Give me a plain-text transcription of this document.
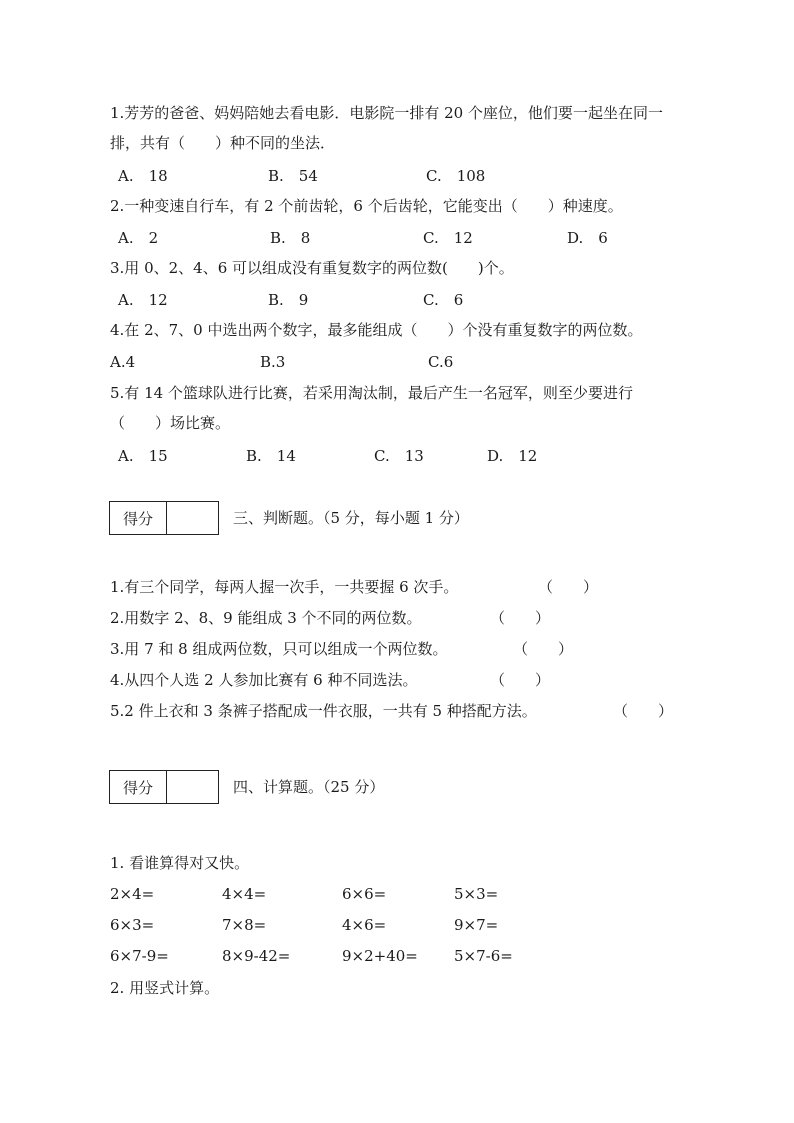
1.芳芳的爸爸、妈妈陪她去看电影．电影院一排有 20 个座位，他们要一起坐在同一
排，共有（　　）种不同的坐法．
A.　18	B.　54	C.　108
2.一种变速自行车，有 2 个前齿轮，6 个后齿轮，它能变出（　　）种速度。
A.　2	B.　8	C.　12	D.　6
3.用 0、2、4、6 可以组成没有重复数字的两位数(　　)个。
A.　12	B.　9	C.　6
4.在 2、7、0 中选出两个数字，最多能组成（　　）个没有重复数字的两位数。
A.4	B.3	C.6
5.有 14 个篮球队进行比赛，若采用淘汰制，最后产生一名冠军，则至少要进行
（　　）场比赛。
A.　15	B.　14	C.　13	D.　12
得分	三、判断题。（5 分，每小题 1 分）
1.有三个同学，每两人握一次手，一共要握 6 次手。	（　　）
2.用数字 2、8、9 能组成 3 个不同的两位数。	（　　）
3.用 7 和 8 组成两位数，只可以组成一个两位数。	（　　）
4.从四个人选 2 人参加比赛有 6 种不同选法。	（　　）
5.2 件上衣和 3 条裤子搭配成一件衣服，一共有 5 种搭配方法。	（　　）
得分	四、计算题。（25 分）
1. 看谁算得对又快。
2×4=	4×4=	6×6=	5×3=
6×3=	7×8=	4×6=	9×7=
6×7-9=	8×9-42=	9×2+40= 5×7-6=
2. 用竖式计算。
